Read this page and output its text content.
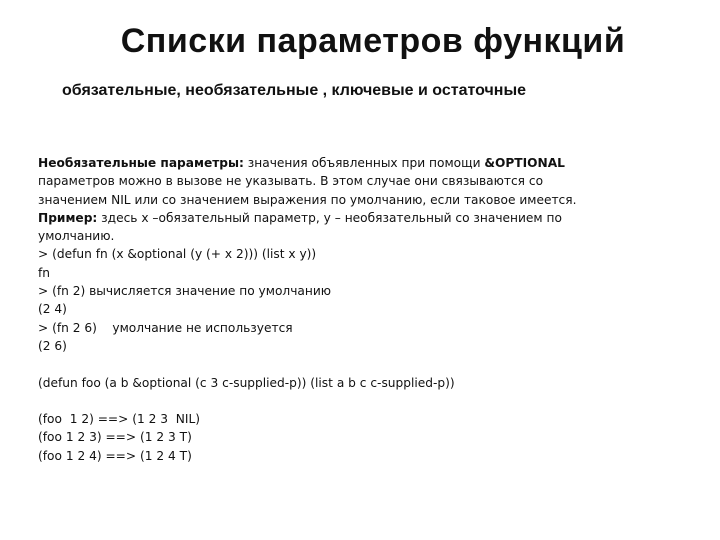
Списки параметров функций
обязательные, необязательные , ключевые и остаточные
Необязательные параметры: значения объявленных при помощи &OPTIONAL
параметров можно в вызове не указывать. В этом случае они связываются со
значением NIL или со значением выражения по умолчанию, если таковое имеется.
Пример: здесь x –обязательный параметр, y – необязательный со значением по
умолчанию.
> (defun fn (x &optional (y (+ x 2))) (list x y))
fn
> (fn 2) вычисляется значение по умолчанию
(2 4)
> (fn 2 6)    умолчание не используется
(2 6)
(defun foo (a b &optional (c 3 c-supplied-p)) (list a b c c-supplied-p))
(foo  1 2) ==> (1 2 3  NIL)
(foo 1 2 3) ==> (1 2 3 T)
(foo 1 2 4) ==> (1 2 4 T)
